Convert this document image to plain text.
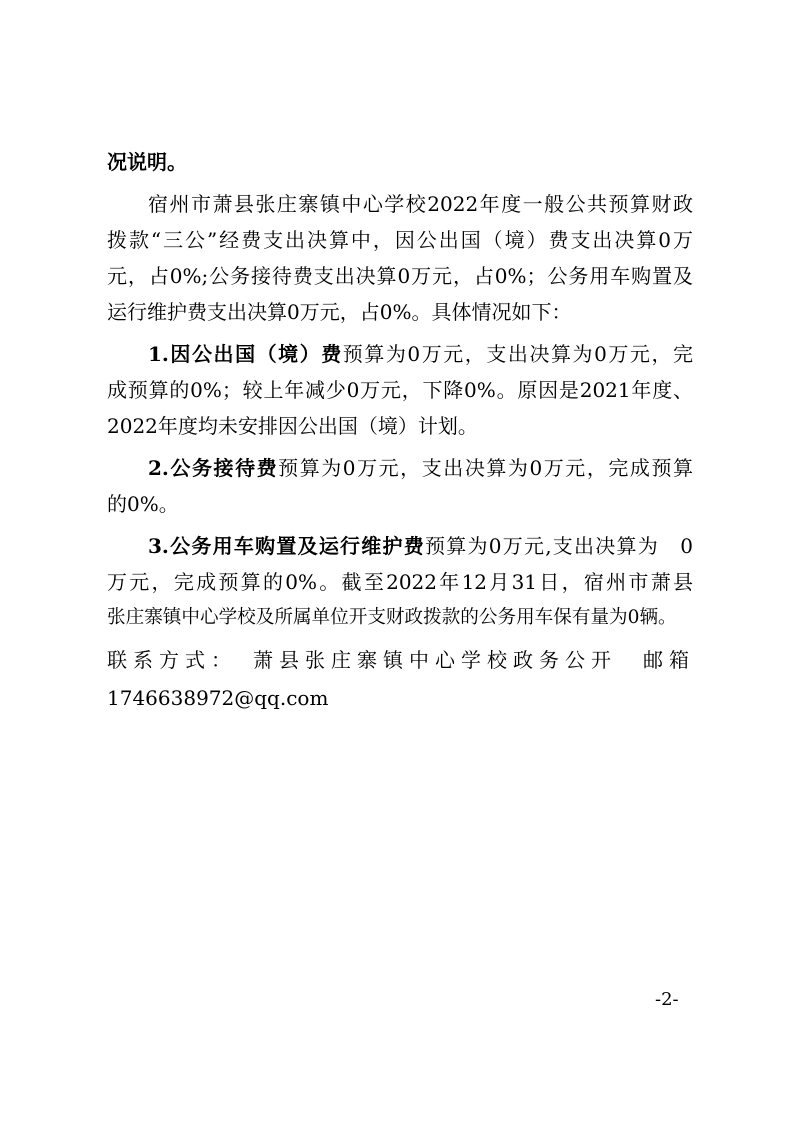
况说明。
宿州市萧县张庄寨镇中心学校2022年度一般公共预算财政
拨款“三公”经费支出决算中，因公出国（境）费支出决算0万
元，占0%;公务接待费支出决算0万元，占0%；公务用车购置及
运行维护费支出决算0万元，占0%。具体情况如下：
1.因公出国（境）费预算为0万元，支出决算为0万元，完
成预算的0%；较上年减少0万元，下降0%。原因是2021年度、
2022年度均未安排因公出国（境）计划。
2.公务接待费预算为0万元，支出决算为0万元，完成预算
的0%。
3.公务用车购置及运行维护费预算为0万元,支出决算为　0
万元，完成预算的0%。截至2022年12月31日，宿州市萧县
张庄寨镇中心学校及所属单位开支财政拨款的公务用车保有量为0辆。
联系方式：　萧县张庄寨镇中心学校政务公开　邮箱
1746638972@qq.com
-2-
